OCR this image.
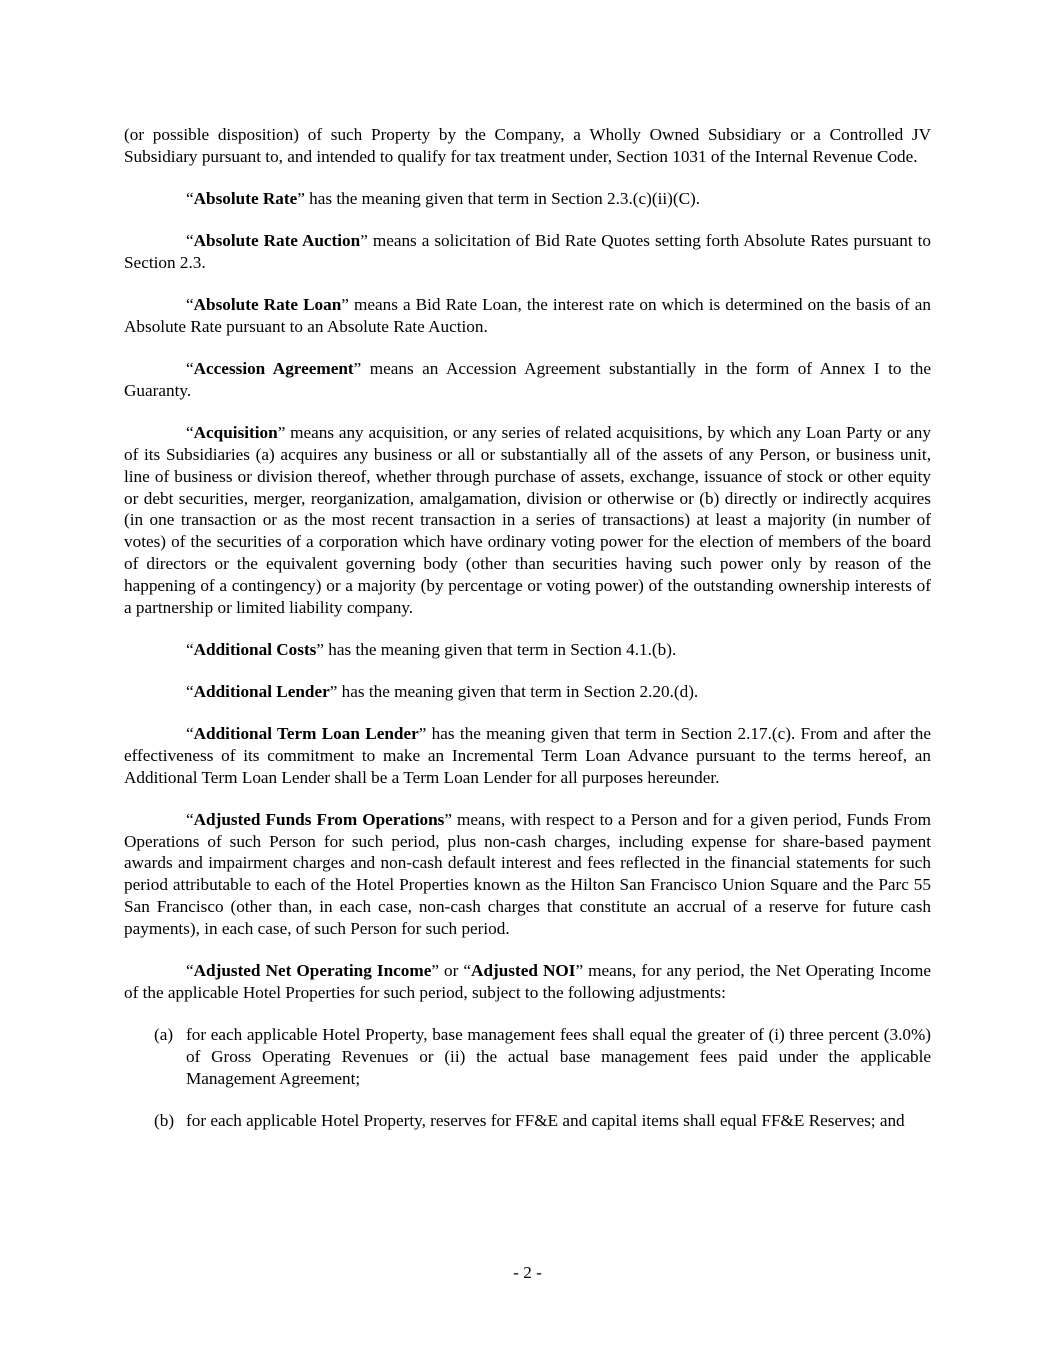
(or possible disposition) of such Property by the Company, a Wholly Owned Subsidiary or a Controlled JV Subsidiary pursuant to, and intended to qualify for tax treatment under, Section 1031 of the Internal Revenue Code.

“Absolute Rate” has the meaning given that term in Section 2.3.(c)(ii)(C).

“Absolute Rate Auction” means a solicitation of Bid Rate Quotes setting forth Absolute Rates pursuant to Section 2.3.

“Absolute Rate Loan” means a Bid Rate Loan, the interest rate on which is determined on the basis of an Absolute Rate pursuant to an Absolute Rate Auction.

“Accession Agreement” means an Accession Agreement substantially in the form of Annex I to the Guaranty.

“Acquisition” means any acquisition, or any series of related acquisitions, by which any Loan Party or any of its Subsidiaries (a) acquires any business or all or substantially all of the assets of any Person, or business unit, line of business or division thereof, whether through purchase of assets, exchange, issuance of stock or other equity or debt securities, merger, reorganization, amalgamation, division or otherwise or (b) directly or indirectly acquires (in one transaction or as the most recent transaction in a series of transactions) at least a majority (in number of votes) of the securities of a corporation which have ordinary voting power for the election of members of the board of directors or the equivalent governing body (other than securities having such power only by reason of the happening of a contingency) or a majority (by percentage or voting power) of the outstanding ownership interests of a partnership or limited liability company.

“Additional Costs” has the meaning given that term in Section 4.1.(b).

“Additional Lender” has the meaning given that term in Section 2.20.(d).

“Additional Term Loan Lender” has the meaning given that term in Section 2.17.(c). From and after the effectiveness of its commitment to make an Incremental Term Loan Advance pursuant to the terms hereof, an Additional Term Loan Lender shall be a Term Loan Lender for all purposes hereunder.

“Adjusted Funds From Operations” means, with respect to a Person and for a given period, Funds From Operations of such Person for such period, plus non-cash charges, including expense for share-based payment awards and impairment charges and non-cash default interest and fees reflected in the financial statements for such period attributable to each of the Hotel Properties known as the Hilton San Francisco Union Square and the Parc 55 San Francisco (other than, in each case, non-cash charges that constitute an accrual of a reserve for future cash payments), in each case, of such Person for such period.

“Adjusted Net Operating Income” or “Adjusted NOI” means, for any period, the Net Operating Income of the applicable Hotel Properties for such period, subject to the following adjustments:

(a) for each applicable Hotel Property, base management fees shall equal the greater of (i) three percent (3.0%) of Gross Operating Revenues or (ii) the actual base management fees paid under the applicable Management Agreement;
(b) for each applicable Hotel Property, reserves for FF&E and capital items shall equal FF&E Reserves; and
- 2 -
